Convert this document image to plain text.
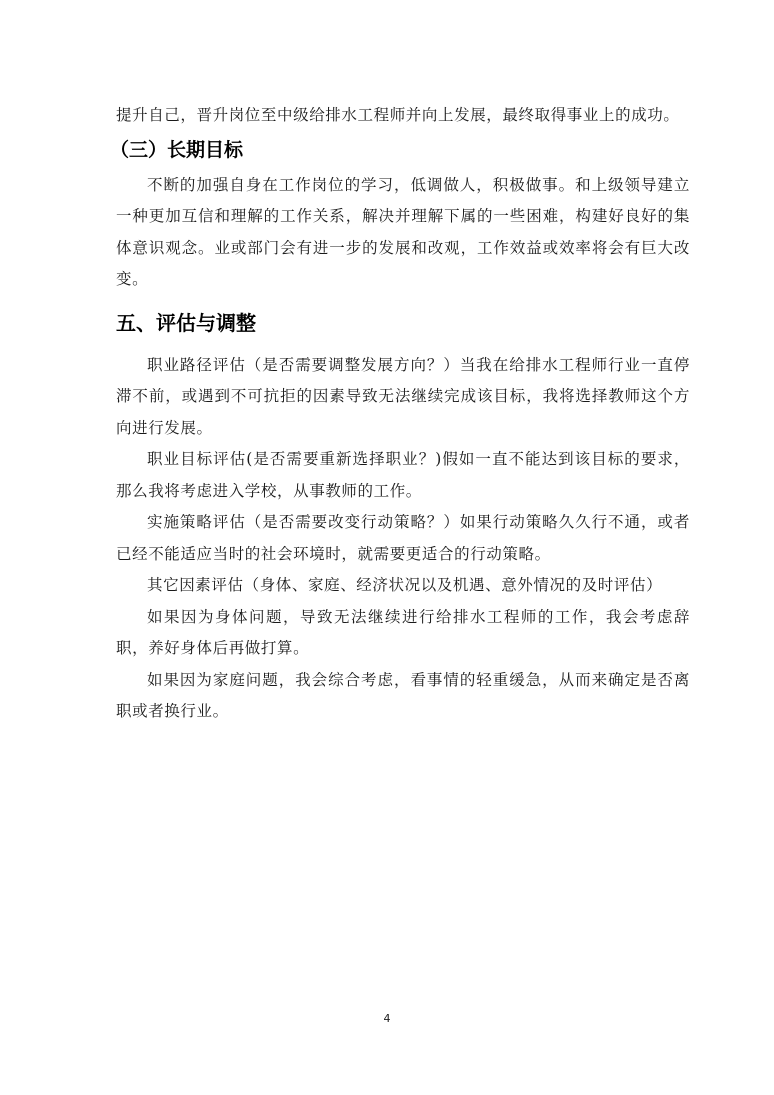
提升自己，晋升岗位至中级给排水工程师并向上发展，最终取得事业上的成功。

（三）长期目标

不断的加强自身在工作岗位的学习，低调做人，积极做事。和上级领导建立一种更加互信和理解的工作关系，解决并理解下属的一些困难，构建好良好的集体意识观念。业或部门会有进一步的发展和改观，工作效益或效率将会有巨大改变。

五、评估与调整

职业路径评估（是否需要调整发展方向？）当我在给排水工程师行业一直停滞不前，或遇到不可抗拒的因素导致无法继续完成该目标，我将选择教师这个方向进行发展。

职业目标评估(是否需要重新选择职业？)假如一直不能达到该目标的要求，那么我将考虑进入学校，从事教师的工作。

实施策略评估（是否需要改变行动策略？）如果行动策略久久行不通，或者已经不能适应当时的社会环境时，就需要更适合的行动策略。

其它因素评估（身体、家庭、经济状况以及机遇、意外情况的及时评估）

如果因为身体问题，导致无法继续进行给排水工程师的工作，我会考虑辞职，养好身体后再做打算。

如果因为家庭问题，我会综合考虑，看事情的轻重缓急，从而来确定是否离职或者换行业。

4
